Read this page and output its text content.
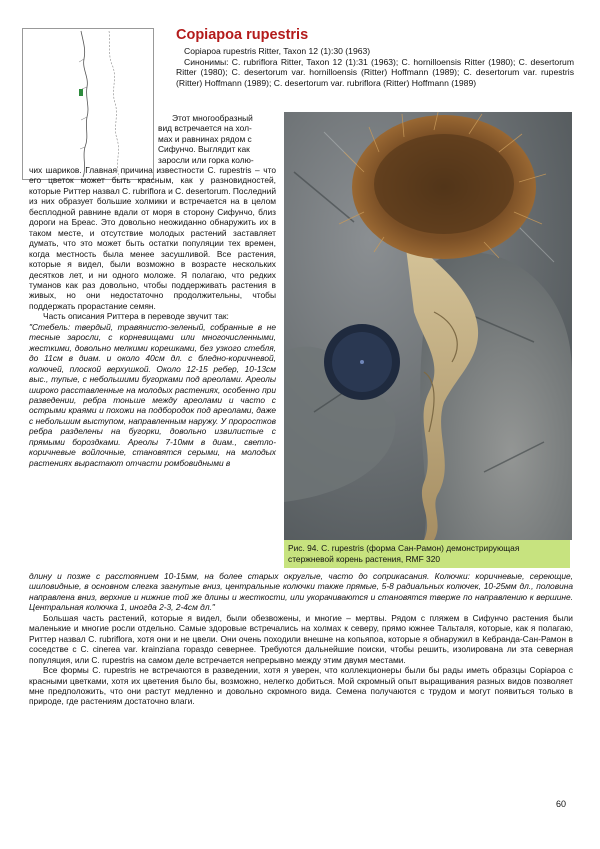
Copiapoa rupestris

Copiapoa rupestris Ritter, Taxon 12 (1):30 (1963)

Синонимы: C. rubriflora Ritter, Taxon 12 (1):31 (1963); C. hornilloensis Ritter (1980); C. desertorum Ritter (1980); C. desertorum var. hornilloensis (Ritter) Hoffmann (1989); C. desertorum var. rupestris (Ritter) Hoffmann (1989); C. desertorum var. rubriflora (Ritter) Hoffmann (1989)

Рис. 94. C. rupestris (форма Сан-Рамон) демонстрирующая стержневой корень растения, RMF 320

Этот многообразный

вид встречается на хол-

мах и равнинах рядом с

Сифунчо. Выглядит как

заросли или горка колю-

чих шариков. Главная причина известности C. rupestris – что его цветок может быть красным, как у разновидностей, которые Риттер назвал C. rubriflora и C. desertorum. Последний из них образует большие холмики и встречается на в целом бесплодной равнине вдали от моря в сторону Сифунчо, близ дороги на Бреас. Это довольно неожиданно обнаружить их в таком месте, и отсутствие молодых растений заставляет думать, что это может быть остатки популяции тех времен, когда местность была менее засушливой. Все растения, которые я видел, были возможно в возрасте нескольких десятков лет, и ни одного моложе. Я полагаю, что редких туманов как раз довольно, чтобы поддерживать растения в живых, но они недостаточно продолжительны, чтобы поддержать прорастание семян.

Часть описания Риттера в переводе звучит так:

"Стебель: твердый, травянисто-зеленый, собранные в не тесные заросли, с корневищами или многочисленными, жесткими, довольно мелкими корешками, без узкого стебля, до 11см в диам. и около 40см дл. с бледно-коричневой, колючей, плоской верхушкой. Около 12-15 ребер, 10-13см выс., тупые, с небольшими бугорками под ареолами. Ареолы широко расставленные на молодых растениях, особенно при разведении, ребра тоньше между ареолами и часто с острыми краями и похожи на подбородок под ареолами, даже с небольшим выступом, направленным наружу. У проростков ребра разделены на бугорки, довольно извилистые с прямыми бороздками. Ареолы 7-10мм в диам., светло-коричневые войлочные, становятся серыми, на молодых растениях вырастают отчасти ромбовидными в

длину и позже с расстоянием 10-15мм, на более старых округлые, часто до соприкасания. Колючки: коричневые, серeющие, шиловидные, в основном слегка загнутые вниз, центральные колючки также прямые, 5-8 радиальных колючек, 10-25мм дл., половина направлена вниз, верхние и нижние той же длины и жесткости, или укорачиваются и становятся тверже по направлению к вершине. Центральная колючка 1, иногда 2-3, 2-4см дл."

Большая часть растений, которые я видел, были обезвожены, и многие – мертвы. Рядом с пляжем в Сифунчо растения были маленькие и многие росли отдельно. Самые здоровые встречались на холмах к северу, прямо южнее Тальталя, которые, как я полагаю, Риттер назвал C. rubriflora, хотя они и не цвели. Они очень походили внешне на копьяпоа, которые я обнаружил в Кебранда-Сан-Рамон в соседстве с C. cinerea var. krainziana гораздо севернее. Требуются дальнейшие поиски, чтобы решить, изолирована ли эта северная популяция, или C. rupestris на самом деле встречается непрерывно между этим двумя местами.

Все формы C. rupestris не встречаются в разведении, хотя я уверен, что коллекционеры были бы рады иметь образцы Copiapoa с красными цветками, хотя их цветения было бы, возможно, нелегко добиться. Мой скромный опыт выращивания разных видов позволяет мне предположить, что они растут медленно и довольно скромного вида. Семена получаются с трудом и могут появиться только в природе, где растениям достаточно влаги.

60
